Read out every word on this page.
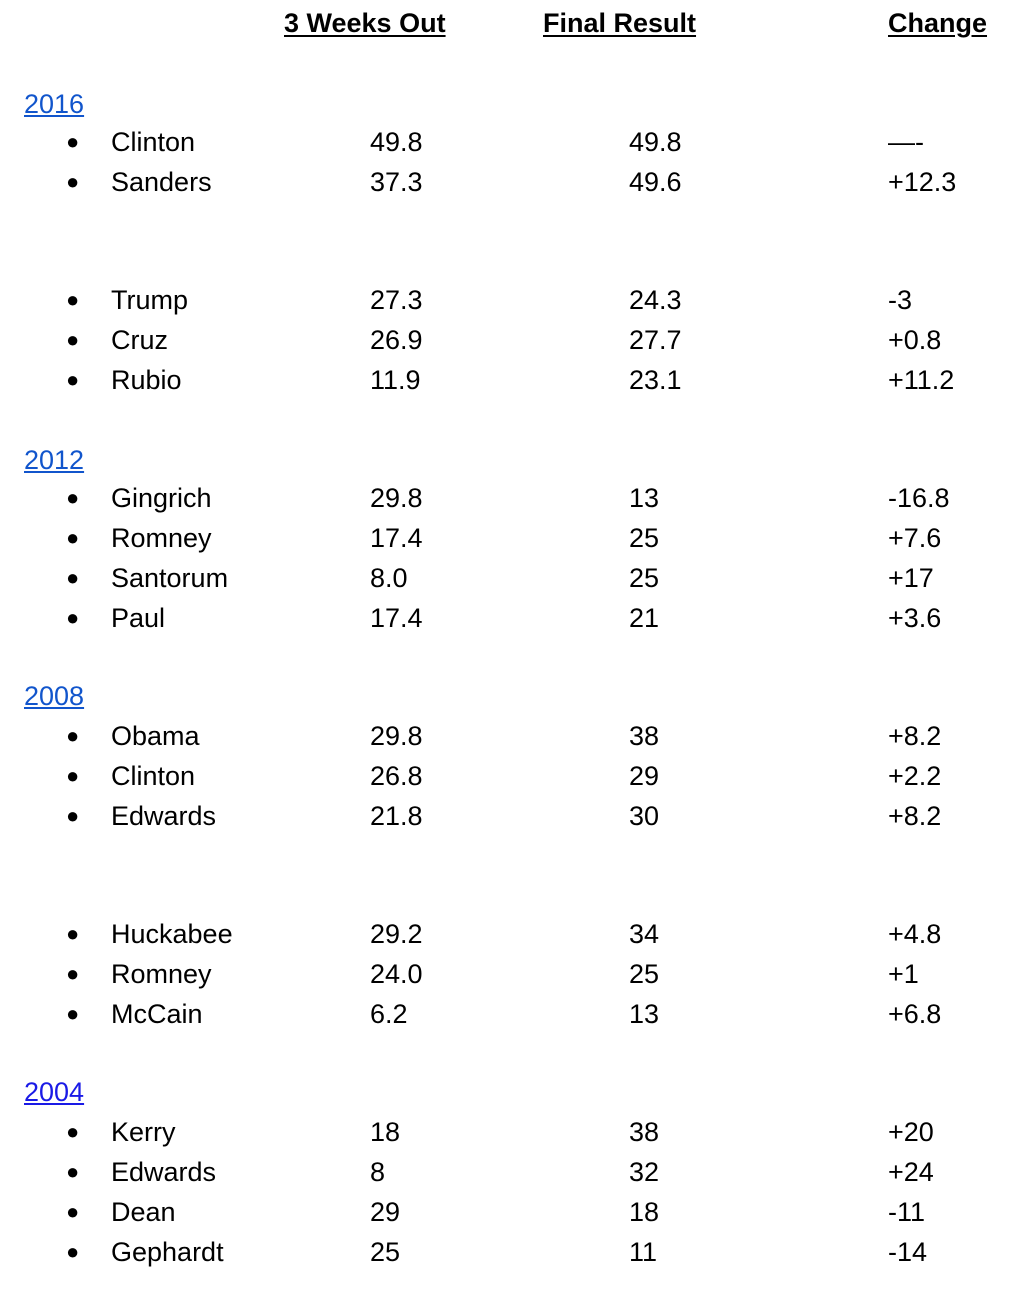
3 Weeks Out	Final Result	Change
2016
● Clinton	49.8	49.8	—-
● Sanders	37.3	49.6	+12.3
● Trump	27.3	24.3	-3
● Cruz	26.9	27.7	+0.8
● Rubio	11.9	23.1	+11.2
2012
● Gingrich	29.8	13	-16.8
● Romney	17.4	25	+7.6
● Santorum	8.0	25	+17
● Paul	17.4	21	+3.6
2008
● Obama	29.8	38	+8.2
● Clinton	26.8	29	+2.2
● Edwards	21.8	30	+8.2
● Huckabee	29.2	34	+4.8
● Romney	24.0	25	+1
● McCain	6.2	13	+6.8
2004
● Kerry	18	38	+20
● Edwards	8	32	+24
● Dean	29	18	-11
● Gephardt	25	11	-14
